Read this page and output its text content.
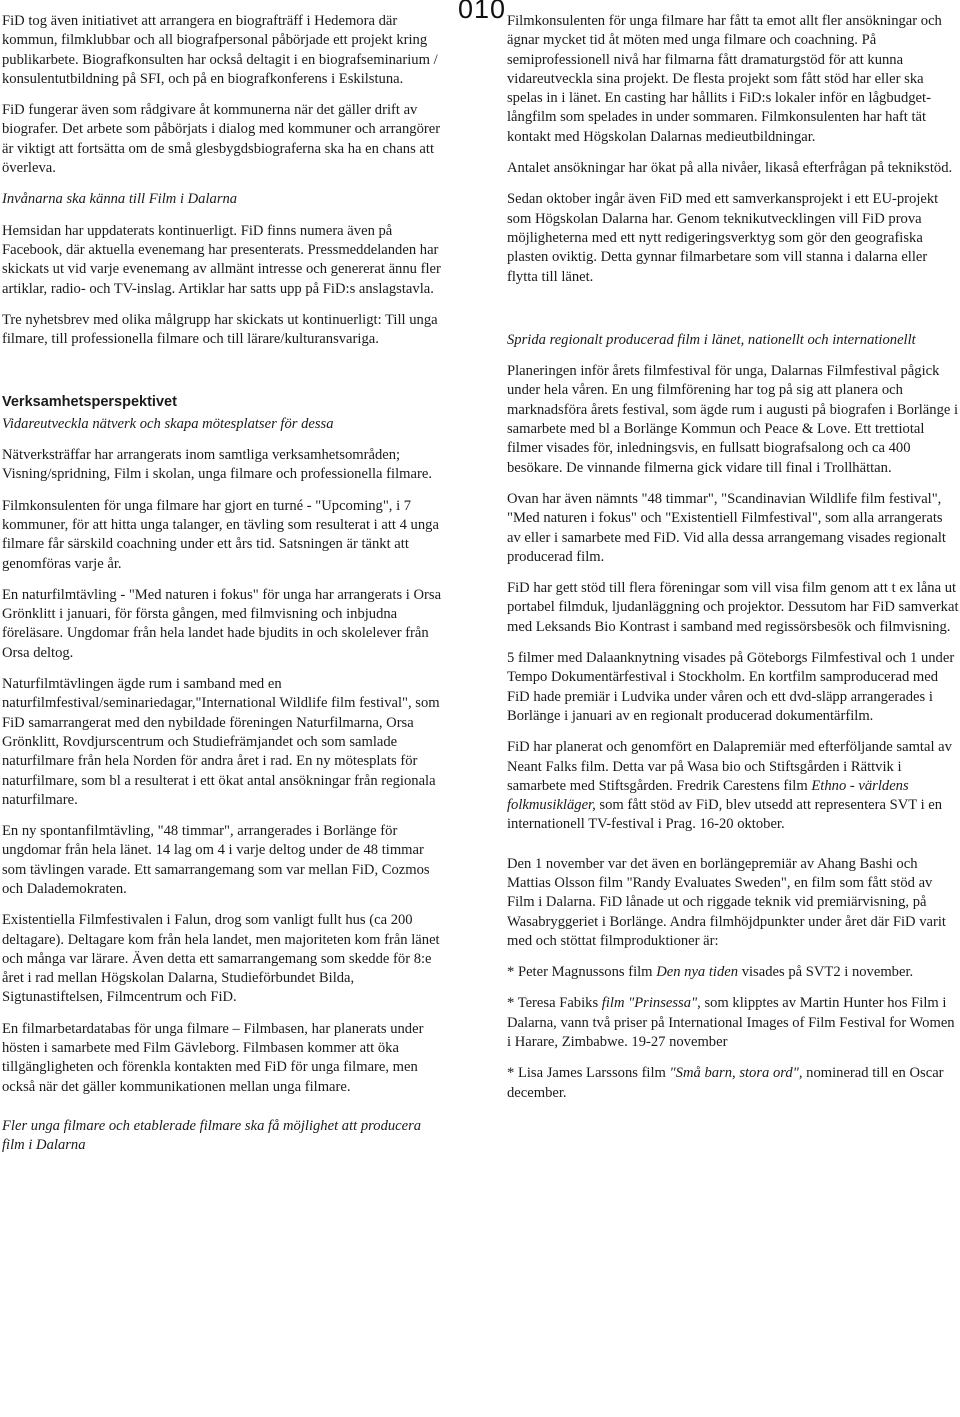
010

FiD tog även initiativet att arrangera en biografträff i Hedemora där kommun, filmklubbar och all biografpersonal påbörjade ett projekt kring publikarbete. Biografkonsulten har också deltagit i en biografseminarium / konsulentutbildning på SFI, och på en biografkonferens i Eskilstuna.

FiD fungerar även som rådgivare åt kommunerna när det gäller drift av biografer. Det arbete som påbörjats i dialog med kommuner och arrangörer är viktigt att fortsätta om de små glesbygdsbiograferna ska ha en chans att överleva.

Invånarna ska känna till Film i Dalarna

Hemsidan har uppdaterats kontinuerligt. FiD finns numera även på Facebook, där aktuella evenemang har presenterats. Pressmeddelanden har skickats ut vid varje evenemang av allmänt intresse och genererat ännu fler artiklar, radio- och TV-inslag. Artiklar har satts upp på FiD:s anslagstavla.

Tre nyhetsbrev med olika målgrupp har skickats ut kontinuerligt: Till unga filmare, till professionella filmare och till lärare/kulturansvariga.

Verksamhetsperspektivet

Vidareutveckla nätverk och skapa mötesplatser för dessa

Nätverksträffar har arrangerats inom samtliga verksamhetsområden; Visning/spridning, Film i skolan, unga filmare och professionella filmare.

Filmkonsulenten för unga filmare har gjort en turné - "Upcoming", i 7 kommuner, för att hitta unga talanger, en tävling som resulterat i att 4 unga filmare får särskild coachning under ett års tid. Satsningen är tänkt att genomföras varje år.

En naturfilmtävling - "Med naturen i fokus" för unga har arrangerats i Orsa Grönklitt i januari, för första gången, med filmvisning och inbjudna föreläsare. Ungdomar från hela landet hade bjudits in och skolelever från Orsa deltog.

Naturfilmtävlingen ägde rum i samband med en naturfilmfestival/seminariedagar,"International Wildlife film festival", som FiD samarrangerat med den nybildade föreningen Naturfilmarna, Orsa Grönklitt, Rovdjurscentrum och Studiefrämjandet och som samlade naturfilmare från hela Norden för andra året i rad. En ny mötesplats för naturfilmare, som bl a resulterat i ett ökat antal ansökningar från regionala naturfilmare.

En ny spontanfilmtävling, "48 timmar", arrangerades i Borlänge för ungdomar från hela länet. 14 lag om 4 i varje deltog under de 48 timmar som tävlingen varade. Ett samarrangemang som var mellan FiD, Cozmos och Dalademokraten.

Existentiella Filmfestivalen i Falun, drog som vanligt fullt hus (ca 200 deltagare). Deltagare kom från hela landet, men majoriteten kom från länet och många var lärare. Även detta ett samarrangemang som skedde för 8:e året i rad mellan Högskolan Dalarna, Studieförbundet Bilda, Sigtunastiftelsen, Filmcentrum och FiD.

En filmarbetardatabas för unga filmare – Filmbasen, har planerats under hösten i samarbete med Film Gävleborg. Filmbasen kommer att öka tillgängligheten och förenkla kontakten med FiD för unga filmare, men också när det gäller kommunikationen mellan unga filmare.

Fler unga filmare och etablerade filmare ska få möjlighet att producera film i Dalarna

Filmkonsulenten för unga filmare har fått ta emot allt fler ansökningar och ägnar mycket tid åt möten med unga filmare och coachning. På semiprofessionell nivå har filmarna fått dramaturgstöd för att kunna vidareutveckla sina projekt. De flesta projekt som fått stöd har eller ska spelas in i länet. En casting har hållits i FiD:s lokaler inför en lågbudget-långfilm som spelades in under sommaren. Filmkonsulenten har haft tät kontakt med Högskolan Dalarnas medieutbildningar.

Antalet ansökningar har ökat på alla nivåer, likaså efterfrågan på teknikstöd.

Sedan oktober ingår även FiD med ett samverkansprojekt i ett EU-projekt som Högskolan Dalarna har. Genom teknikutvecklingen vill FiD prova möjligheterna med ett nytt redigeringsverktyg som gör den geografiska plasten oviktig. Detta gynnar filmarbetare som vill stanna i dalarna eller flytta till länet.

Sprida regionalt producerad film i länet, nationellt och internationellt

Planeringen inför årets filmfestival för unga, Dalarnas Filmfestival pågick under hela våren. En ung filmförening har tog på sig att planera och marknadsföra årets festival, som ägde rum i augusti på biografen i Borlänge i samarbete med bl a Borlänge Kommun och Peace & Love. Ett trettiotal filmer visades för, inledningsvis, en fullsatt biografsalong och ca 400 besökare. De vinnande filmerna gick vidare till final i Trollhättan.

Ovan har även nämnts "48 timmar", "Scandinavian Wildlife film festival", "Med naturen i fokus" och "Existentiell Filmfestival", som alla arrangerats av eller i samarbete med FiD. Vid alla dessa arrangemang visades regionalt producerad film.

FiD har gett stöd till flera föreningar som vill visa film genom att t ex låna ut portabel filmduk, ljudanläggning och projektor. Dessutom har FiD samverkat med Leksands Bio Kontrast i samband med regissörsbesök och filmvisning.

5 filmer med Dalaanknytning visades på Göteborgs Filmfestival och 1 under Tempo Dokumentärfestival i Stockholm. En kortfilm samproducerad med FiD hade premiär i Ludvika under våren och ett dvd-släpp arrangerades i Borlänge i januari av en regionalt producerad dokumentärfilm.

FiD har planerat och genomfört en Dalapremiär med efterföljande samtal av Neant Falks film. Detta var på Wasa bio och Stiftsgården i Rättvik i samarbete med Stiftsgården. Fredrik Carestens film Ethno - världens folkmusikläger, som fått stöd av FiD, blev utsedd att representera SVT i en internationell TV-festival i Prag. 16-20 oktober.

Den 1 november var det även en borlängepremiär av Ahang Bashi och Mattias Olsson film "Randy Evaluates Sweden", en film som fått stöd av Film i Dalarna. FiD lånade ut och riggade teknik vid premiärvisning, på Wasabryggeriet i Borlänge. Andra filmhöjdpunkter under året där FiD varit med och stöttat filmproduktioner är:

* Peter Magnussons film Den nya tiden visades på SVT2 i november.

* Teresa Fabiks film "Prinsessa", som klipptes av Martin Hunter hos Film i Dalarna, vann två priser på International Images of Film Festival for Women i Harare, Zimbabwe. 19-27 november

* Lisa James Larssons film "Små barn, stora ord", nominerad till en Oscar december.
